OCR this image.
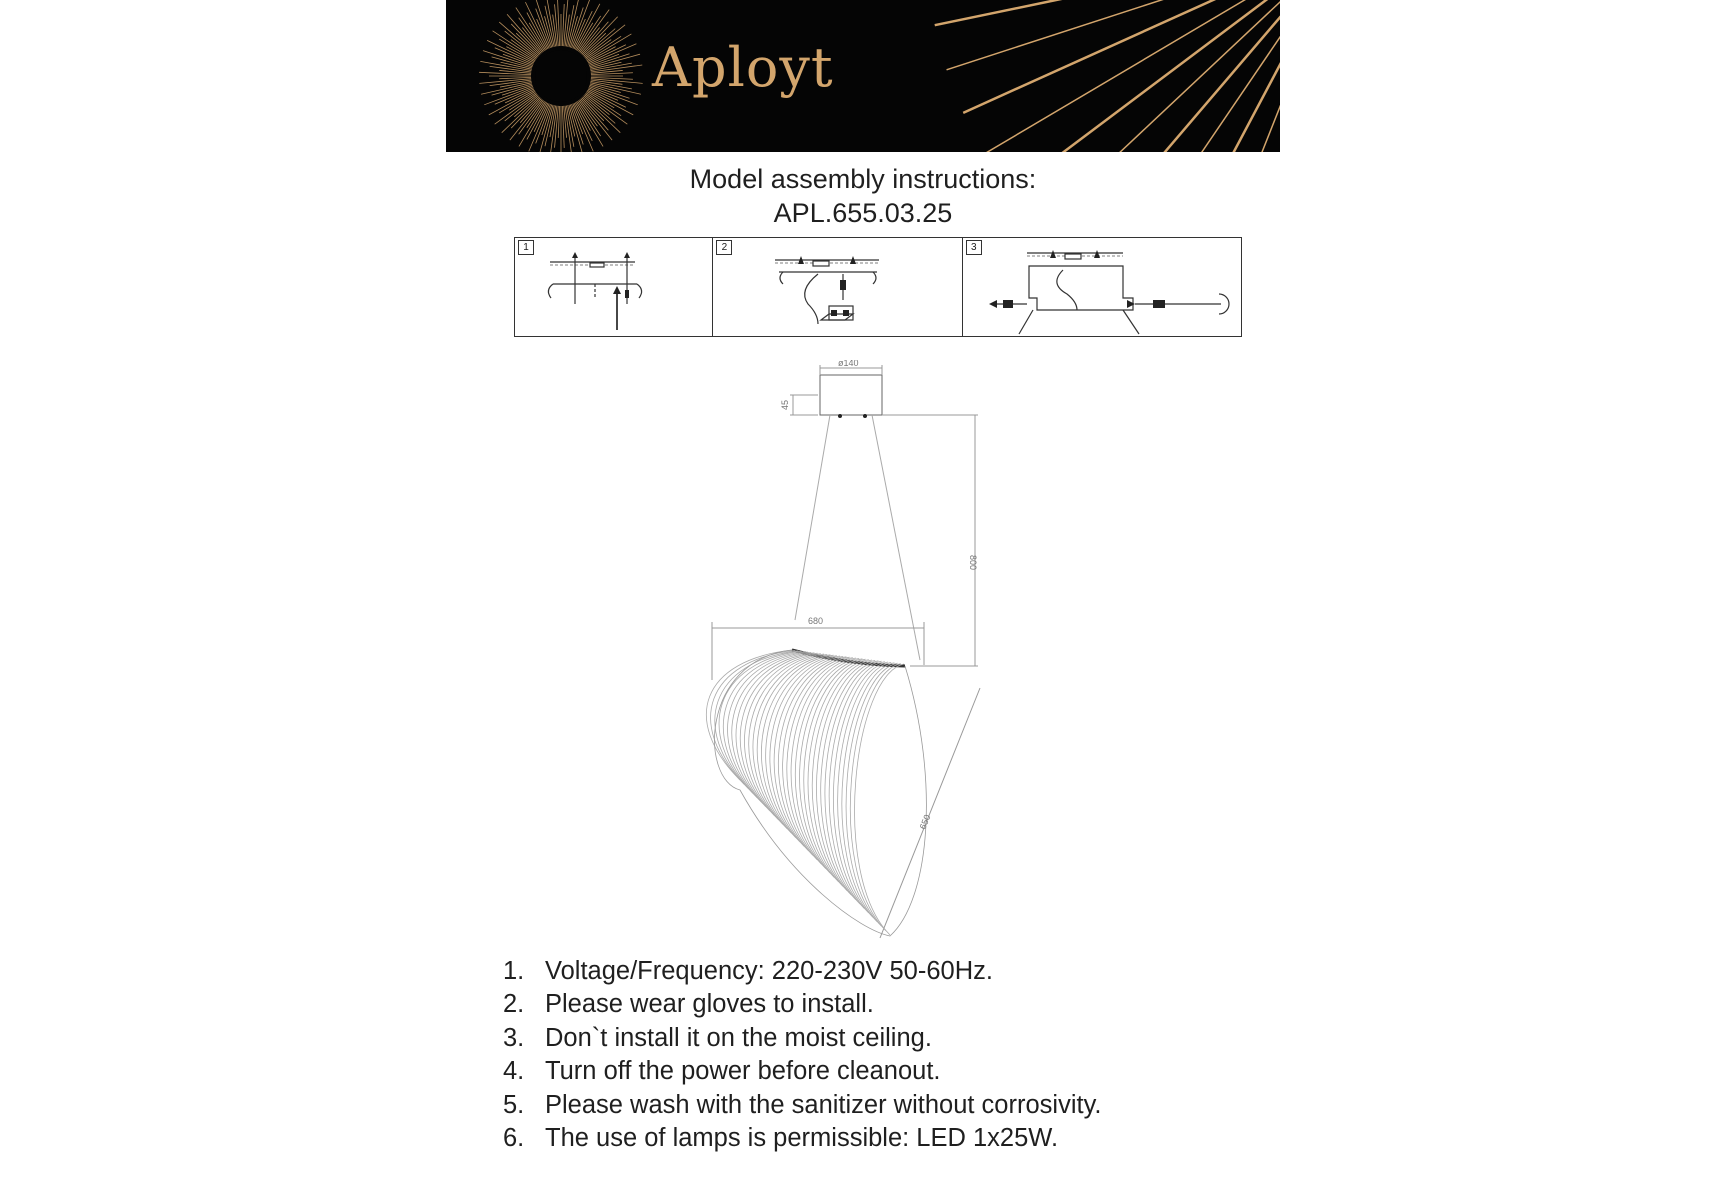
Aployt
Model assembly instructions:
APL.655.03.25
1	2	3
ø140
45
800
680
650
1. Voltage/Frequency: 220-230V 50-60Hz.
2. Please wear gloves to install.
3. Don`t install it on the moist ceiling.
4. Turn off the power before cleanout.
5. Please wash with the sanitizer without corrosivity.
6. The use of lamps is permissible: LED 1x25W.
